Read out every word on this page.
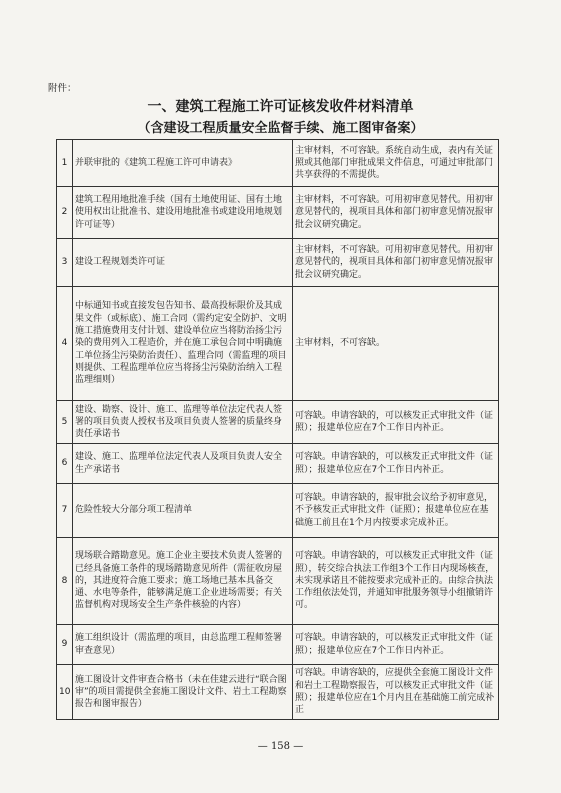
附件：
一、建筑工程施工许可证核发收件材料清单
（含建设工程质量安全监督手续、施工图审备案）
1	并联审批的《建筑工程施工许可申请表》	主审材料，不可容缺。系统自动生成，表内有关证照或其他部门审批成果文件信息，可通过审批部门共享获得的不需提供。
2	建筑工程用地批准手续（国有土地使用证、国有土地使用权出让批准书、建设用地批准书或建设用地规划许可证等）	主审材料，不可容缺。可用初审意见替代。用初审意见替代的，视项目具体和部门初审意见情况报审批会议研究确定。
3	建设工程规划类许可证	主审材料，不可容缺。可用初审意见替代。用初审意见替代的，视项目具体和部门初审意见情况报审批会议研究确定。
4	中标通知书或直接发包告知书、最高投标限价及其成果文件（或标底）、施工合同（需约定安全防护、文明施工措施费用支付计划、建设单位应当将防治扬尘污染的费用列入工程造价，并在施工承包合同中明确施工单位扬尘污染防治责任）、监理合同（需监理的项目则提供、工程监理单位应当将扬尘污染防治纳入工程监理细则）	主审材料，不可容缺。
5	建设、勘察、设计、施工、监理等单位法定代表人签署的项目负责人授权书及项目负责人签署的质量终身责任承诺书	可容缺。申请容缺的，可以核发正式审批文件（证照）；报建单位应在7个工作日内补正。
6	建设、施工、监理单位法定代表人及项目负责人安全生产承诺书	可容缺。申请容缺的，可以核发正式审批文件（证照）；报建单位应在7个工作日内补正。
7	危险性较大分部分项工程清单	可容缺。申请容缺的，报审批会议给予初审意见，不予核发正式审批文件（证照）；报建单位应在基础施工前且在1个月内按要求完成补正。
8	现场联合踏勘意见。施工企业主要技术负责人签署的已经具备施工条件的现场踏勘意见所件（需征收房屋的，其进度符合施工要求；施工场地已基本具备交通、水电等条件，能够满足施工企业进场需要；有关监督机构对现场安全生产条件核验的内容）	可容缺。申请容缺的，可以核发正式审批文件（证照），转交综合执法工作组3个工作日内现场核查，未实现承诺且不能按要求完成补正的。由综合执法工作组依法处罚，并通知审批服务领导小组撤销许可。
9	施工组织设计（需监理的项目，由总监理工程师签署审查意见）	可容缺。申请容缺的，可以核发正式审批文件（证照）；报建单位应在7个工作日内补正。
10	施工图设计文件审查合格书（未在佳建云进行“联合图审”的项目需提供全套施工图设计文件、岩土工程勘察报告和图审报告）	可容缺。申请容缺的，应提供全套施工图设计文件和岩土工程勘察报告，可以核发正式审批文件（证照）；报建单位应在1个月内且在基础施工前完成补正
— 158 —
